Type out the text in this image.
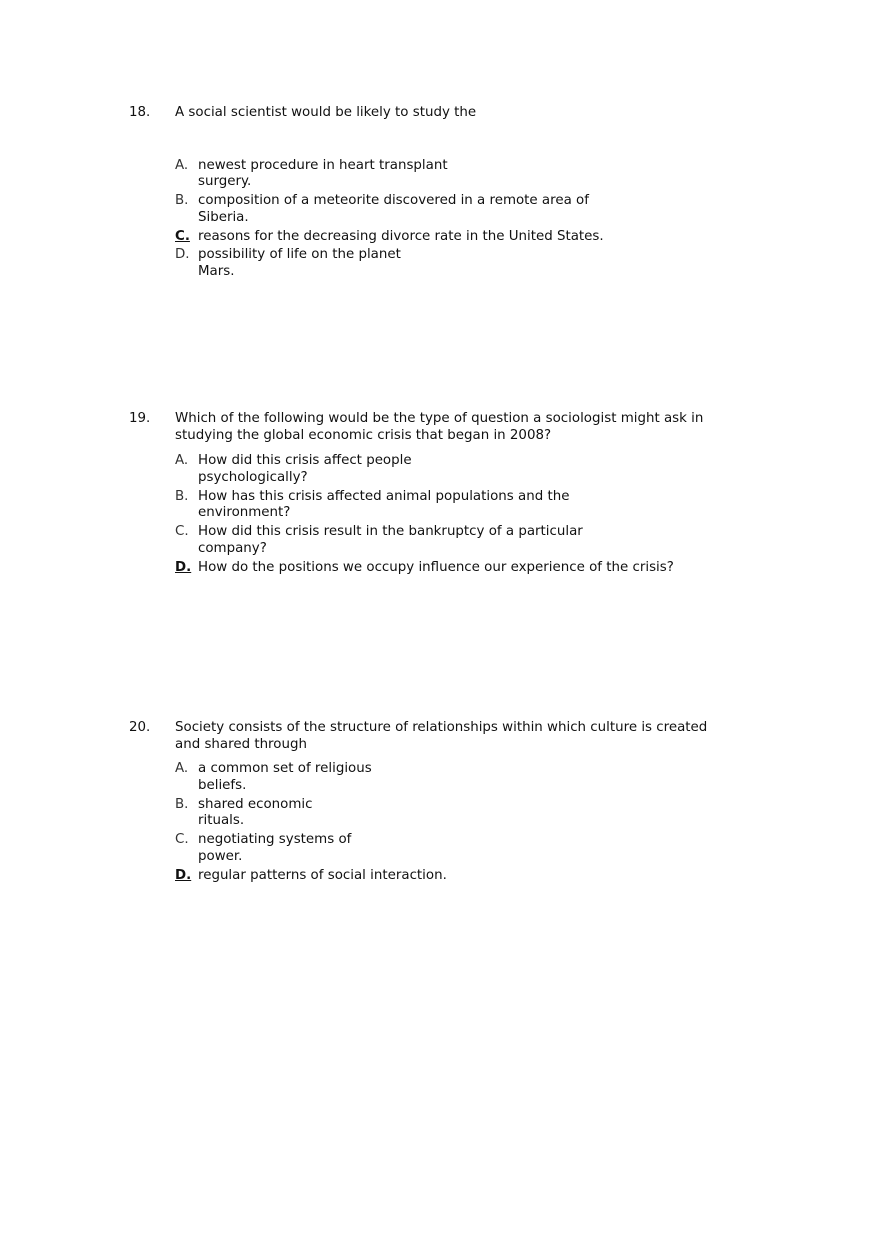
18. A social scientist would be likely to study the
A. newest procedure in heart transplant
surgery.
B. composition of a meteorite discovered in a remote area of
Siberia.
C. reasons for the decreasing divorce rate in the United States.
D. possibility of life on the planet
Mars.
19. Which of the following would be the type of question a sociologist might ask in
studying the global economic crisis that began in 2008?
A. How did this crisis affect people
psychologically?
B. How has this crisis affected animal populations and the
environment?
C. How did this crisis result in the bankruptcy of a particular
company?
D. How do the positions we occupy influence our experience of the crisis?
20. Society consists of the structure of relationships within which culture is created
and shared through
A. a common set of religious
beliefs.
B. shared economic
rituals.
C. negotiating systems of
power.
D. regular patterns of social interaction.
